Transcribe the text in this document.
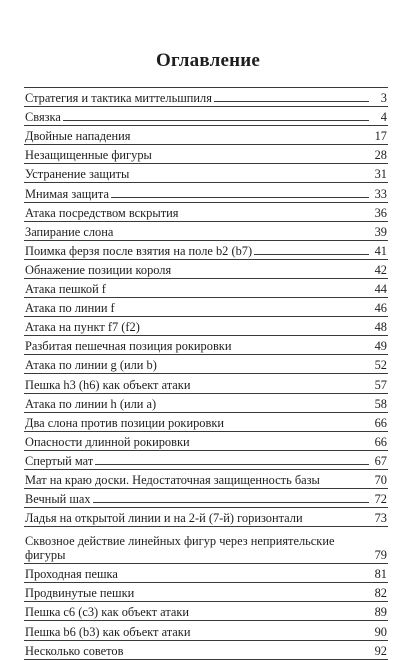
Оглавление
Стратегия и тактика миттельшпиля	3
Связка	4
Двойные нападения	17
Незащищенные фигуры	28
Устранение защиты	31
Мнимая защита	33
Атака посредством вскрытия	36
Запирание слона	39
Поимка ферзя после взятия на поле b2 (b7)	41
Обнажение позиции короля	42
Атака пешкой f	44
Атака по линии f	46
Атака на пункт f7 (f2)	48
Разбитая пешечная позиция рокировки	49
Атака по линии g (или b)	52
Пешка h3 (h6) как объект атаки	57
Атака по линии h (или а)	58
Два слона против позиции рокировки	66
Опасности длинной рокировки	66
Спертый мат	67
Мат на краю доски. Недостаточная защищенность базы	70
Вечный шах	72
Ладья на открытой линии и на 2-й (7-й) горизонтали	73
Сквозное действие линейных фигур через неприятельские фигуры	79
Проходная пешка	81
Продвинутые пешки	82
Пешка с6 (с3) как объект атаки	89
Пешка b6 (b3) как объект атаки	90
Несколько советов	92
